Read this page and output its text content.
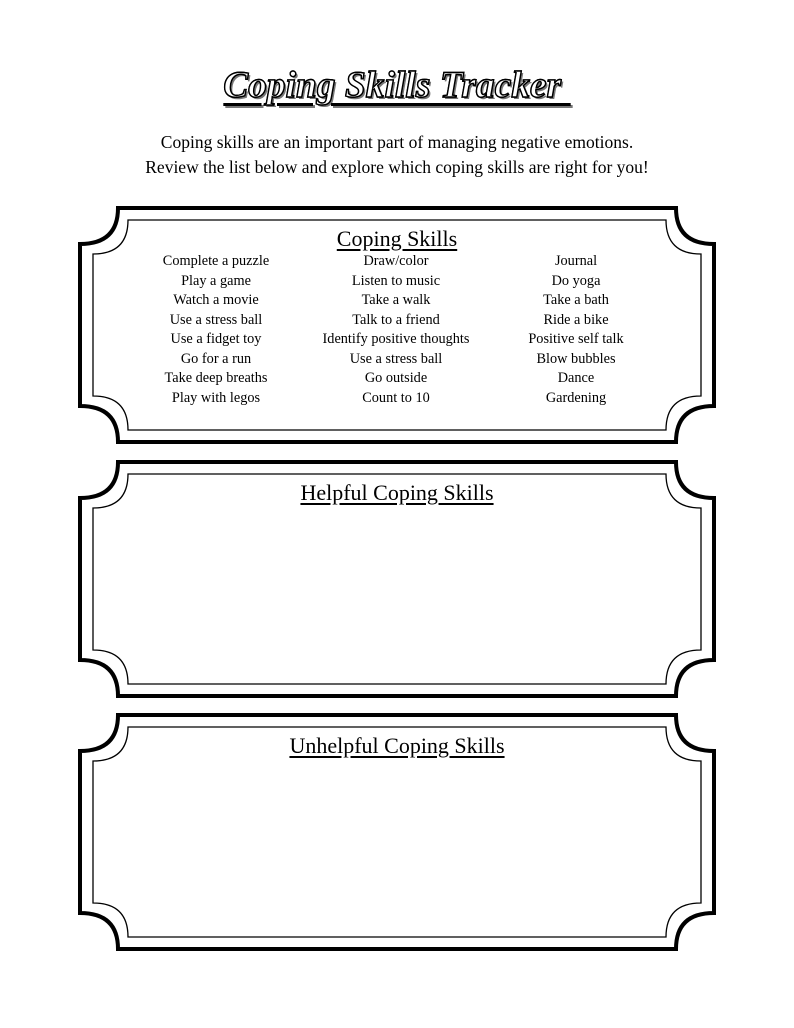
Coping Skills Tracker
Coping skills are an important part of managing negative emotions.
Review the list below and explore which coping skills are right for you!
Coping Skills
Complete a puzzle
Play a game
Watch a movie
Use a stress ball
Use a fidget toy
Go for a run
Take deep breaths
Play with legos
Draw/color
Listen to music
Take a walk
Talk to a friend
Identify positive thoughts
Use a stress ball
Go outside
Count to 10
Journal
Do yoga
Take a bath
Ride a bike
Positive self talk
Blow bubbles
Dance
Gardening
Helpful Coping Skills
Unhelpful Coping Skills
